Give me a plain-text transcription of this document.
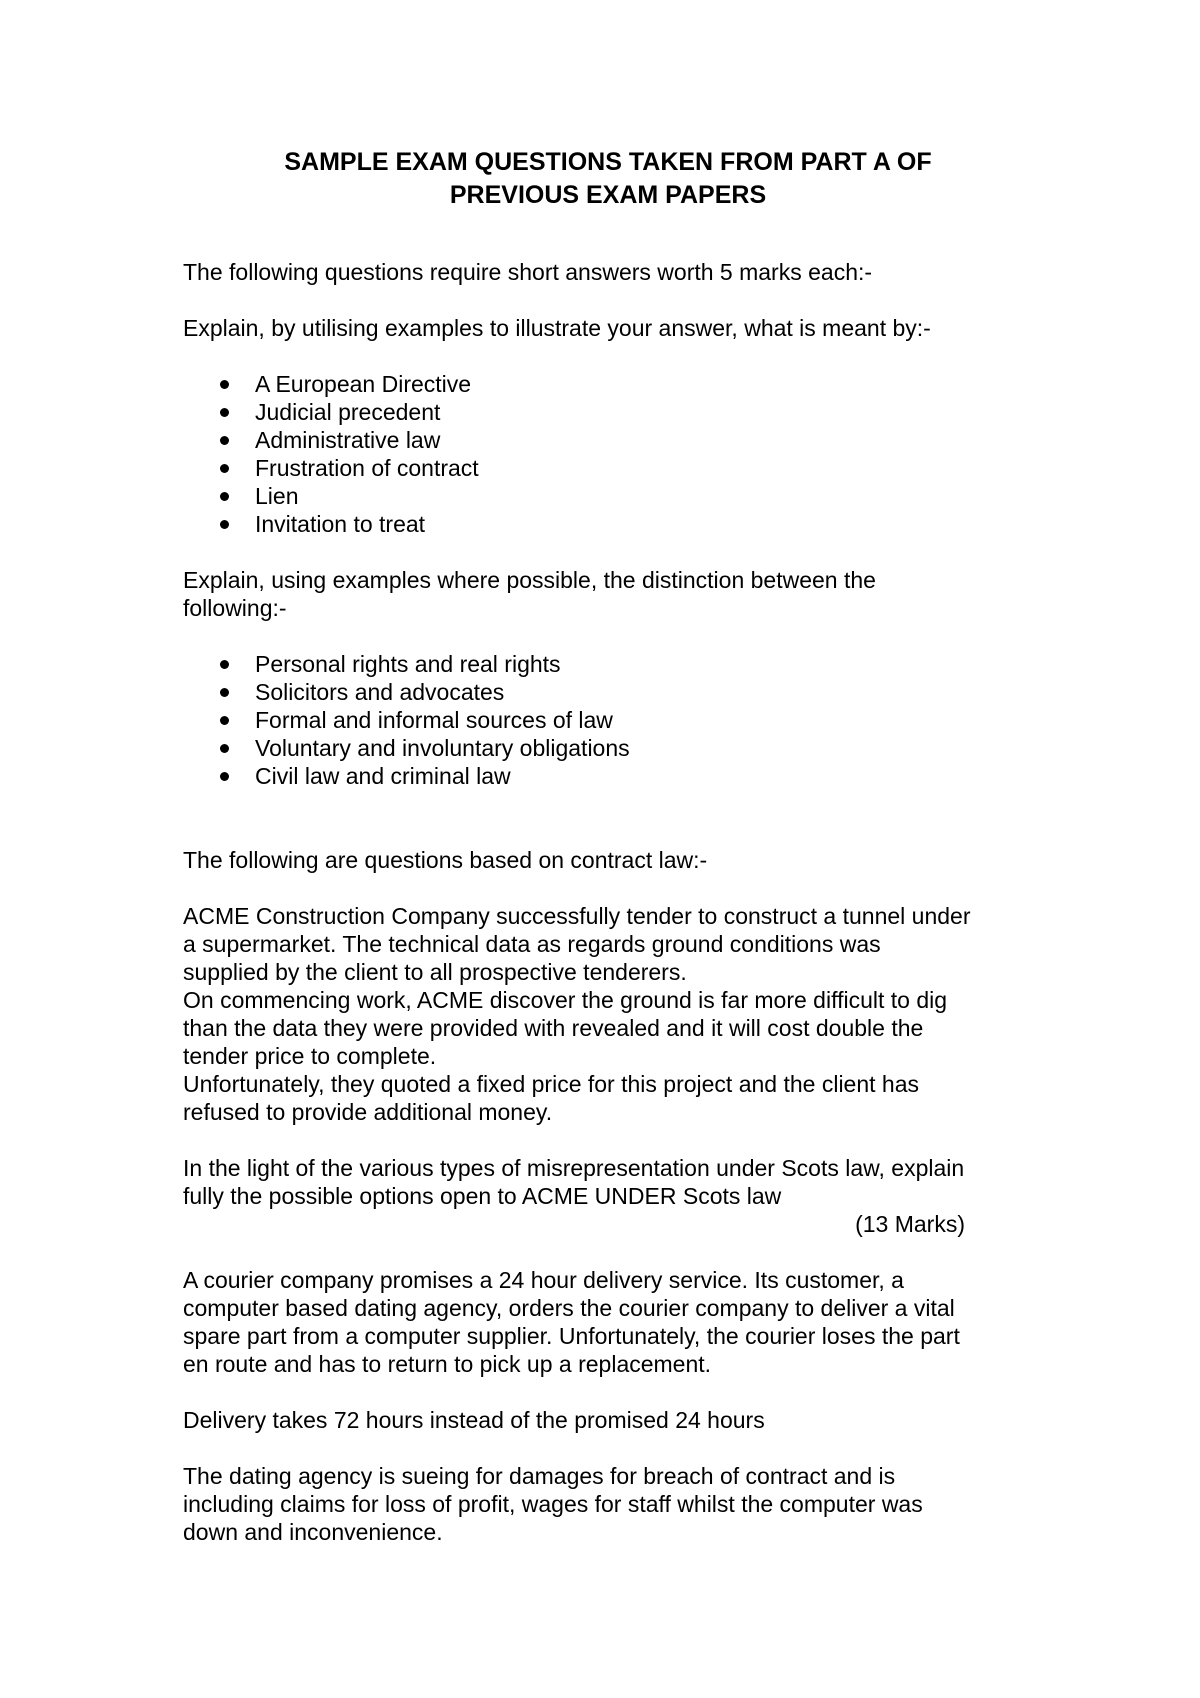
SAMPLE EXAM QUESTIONS TAKEN FROM PART A OF
PREVIOUS EXAM PAPERS

The following questions require short answers worth 5 marks each:-

Explain, by utilising examples to illustrate your answer, what is meant by:-

A European Directive
Judicial precedent
Administrative law
Frustration of contract
Lien
Invitation to treat

Explain, using examples where possible, the distinction between the
following:-

Personal rights and real rights
Solicitors and advocates
Formal and informal sources of law
Voluntary and involuntary obligations
Civil law and criminal law

The following are questions based on contract law:-

ACME Construction Company successfully tender to construct a tunnel under
a supermarket. The technical data as regards ground conditions was
supplied by the client to all prospective tenderers.
On commencing work, ACME discover the ground is far more difficult to dig
than the data they were provided with revealed and it will cost double the
tender price to complete.
Unfortunately, they quoted a fixed price for this project and the client has
refused to provide additional money.

In the light of the various types of misrepresentation under Scots law, explain
fully the possible options open to ACME UNDER Scots law

(13 Marks)

A courier company promises a 24 hour delivery service. Its customer, a
computer based dating agency, orders the courier company to deliver a vital
spare part from a computer supplier. Unfortunately, the courier loses the part
en route and has to return to pick up a replacement.

Delivery takes 72 hours instead of the promised 24 hours

The dating agency is sueing for damages for breach of contract and is
including claims for loss of profit, wages for staff whilst the computer was
down and inconvenience.
